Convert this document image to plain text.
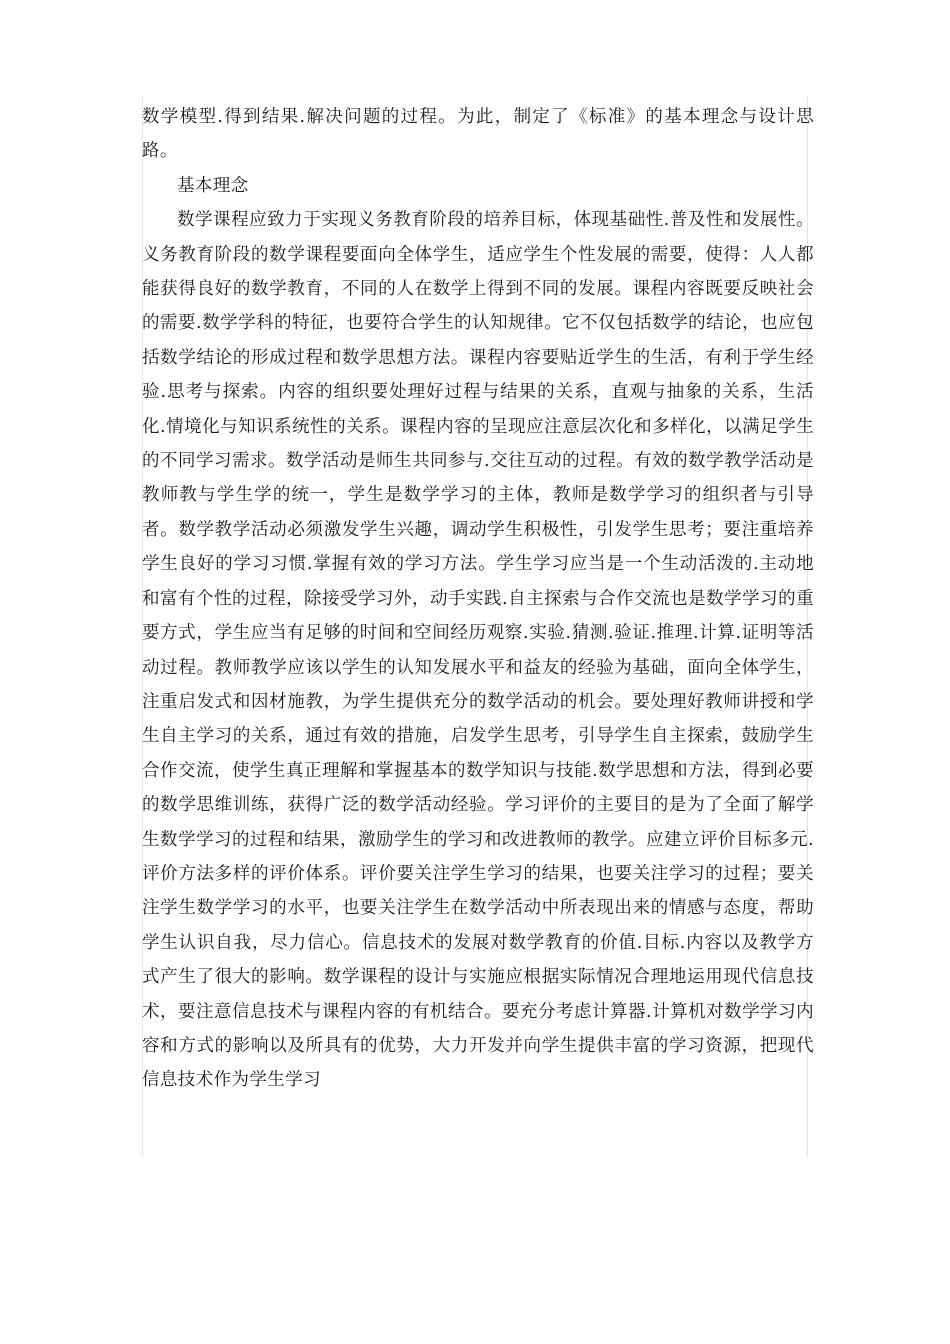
数学模型.得到结果.解决问题的过程。为此，制定了《标准》的基本理念与设计思路。

基本理念

数学课程应致力于实现义务教育阶段的培养目标，体现基础性.普及性和发展性。义务教育阶段的数学课程要面向全体学生，适应学生个性发展的需要，使得：人人都能获得良好的数学教育，不同的人在数学上得到不同的发展。课程内容既要反映社会的需要.数学学科的特征，也要符合学生的认知规律。它不仅包括数学的结论，也应包括数学结论的形成过程和数学思想方法。课程内容要贴近学生的生活，有利于学生经验.思考与探索。内容的组织要处理好过程与结果的关系，直观与抽象的关系，生活化.情境化与知识系统性的关系。课程内容的呈现应注意层次化和多样化，以满足学生的不同学习需求。数学活动是师生共同参与.交往互动的过程。有效的数学教学活动是教师教与学生学的统一，学生是数学学习的主体，教师是数学学习的组织者与引导者。数学教学活动必须激发学生兴趣，调动学生积极性，引发学生思考；要注重培养学生良好的学习习惯.掌握有效的学习方法。学生学习应当是一个生动活泼的.主动地和富有个性的过程，除接受学习外，动手实践.自主探索与合作交流也是数学学习的重要方式，学生应当有足够的时间和空间经历观察.实验.猜测.验证.推理.计算.证明等活动过程。教师教学应该以学生的认知发展水平和益友的经验为基础，面向全体学生，注重启发式和因材施教，为学生提供充分的数学活动的机会。要处理好教师讲授和学生自主学习的关系，通过有效的措施，启发学生思考，引导学生自主探索，鼓励学生合作交流，使学生真正理解和掌握基本的数学知识与技能.数学思想和方法，得到必要的数学思维训练，获得广泛的数学活动经验。学习评价的主要目的是为了全面了解学生数学学习的过程和结果，激励学生的学习和改进教师的教学。应建立评价目标多元.评价方法多样的评价体系。评价要关注学生学习的结果，也要关注学习的过程；要关注学生数学学习的水平，也要关注学生在数学活动中所表现出来的情感与态度，帮助学生认识自我，尽力信心。信息技术的发展对数学教育的价值.目标.内容以及教学方式产生了很大的影响。数学课程的设计与实施应根据实际情况合理地运用现代信息技术，要注意信息技术与课程内容的有机结合。要充分考虑计算器.计算机对数学学习内容和方式的影响以及所具有的优势，大力开发并向学生提供丰富的学习资源，把现代信息技术作为学生学习
